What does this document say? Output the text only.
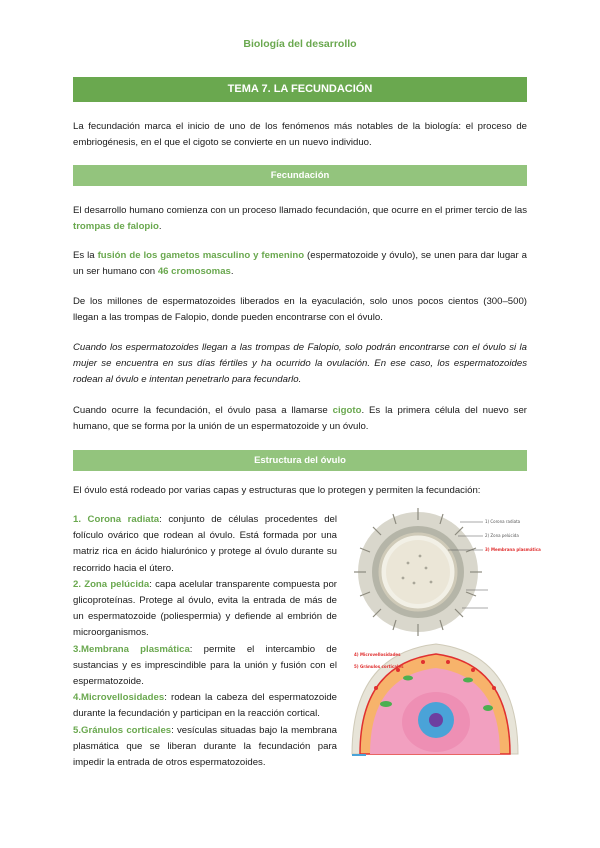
Biología del desarrollo
TEMA 7. LA FECUNDACIÓN

La fecundación marca el inicio de uno de los fenómenos más notables de la biología: el proceso de embriogénesis, en el que el cigoto se convierte en un nuevo individuo.

Fecundación

El desarrollo humano comienza con un proceso llamado fecundación, que ocurre en el primer tercio de las trompas de falopio.

Es la fusión de los gametos masculino y femenino (espermatozoide y óvulo), se unen para dar lugar a un ser humano con 46 cromosomas.

De los millones de espermatozoides liberados en la eyaculación, solo unos pocos cientos (300–500) llegan a las trompas de Falopio, donde pueden encontrarse con el óvulo.

Cuando los espermatozoides llegan a las trompas de Falopio, solo podrán encontrarse con el óvulo si la mujer se encuentra en sus días fértiles y ha ocurrido la ovulación. En ese caso, los espermatozoides rodean al óvulo e intentan penetrarlo para fecundarlo.

Cuando ocurre la fecundación, el óvulo pasa a llamarse cigoto. Es la primera célula del nuevo ser humano, que se forma por la unión de un espermatozoide y un óvulo.

Estructura del óvulo

El óvulo está rodeado por varias capas y estructuras que lo protegen y permiten la fecundación:

1. Corona radiata: conjunto de células procedentes del folículo ovárico que rodean al óvulo. Está formada por una matriz rica en ácido hialurónico y protege al óvulo durante su recorrido hacia el útero.

2. Zona pelúcida: capa acelular transparente compuesta por glicoproteínas. Protege al óvulo, evita la entrada de más de un espermatozoide (poliespermia) y defiende al embrión de microorganismos.

3.Membrana plasmática: permite el intercambio de sustancias y es imprescindible para la unión y fusión con el espermatozoide.

4.Microvellosidades: rodean la cabeza del espermatozoide durante la fecundación y participan en la reacción cortical.

5.Gránulos corticales: vesículas situadas bajo la membrana plasmática que se liberan durante la fecundación para impedir la entrada de otros espermatozoides.

1) Corona radiata
2) Zona pelúcida
3) Membrana plasmática
4) Microvellosidades
5) Gránulos corticales
